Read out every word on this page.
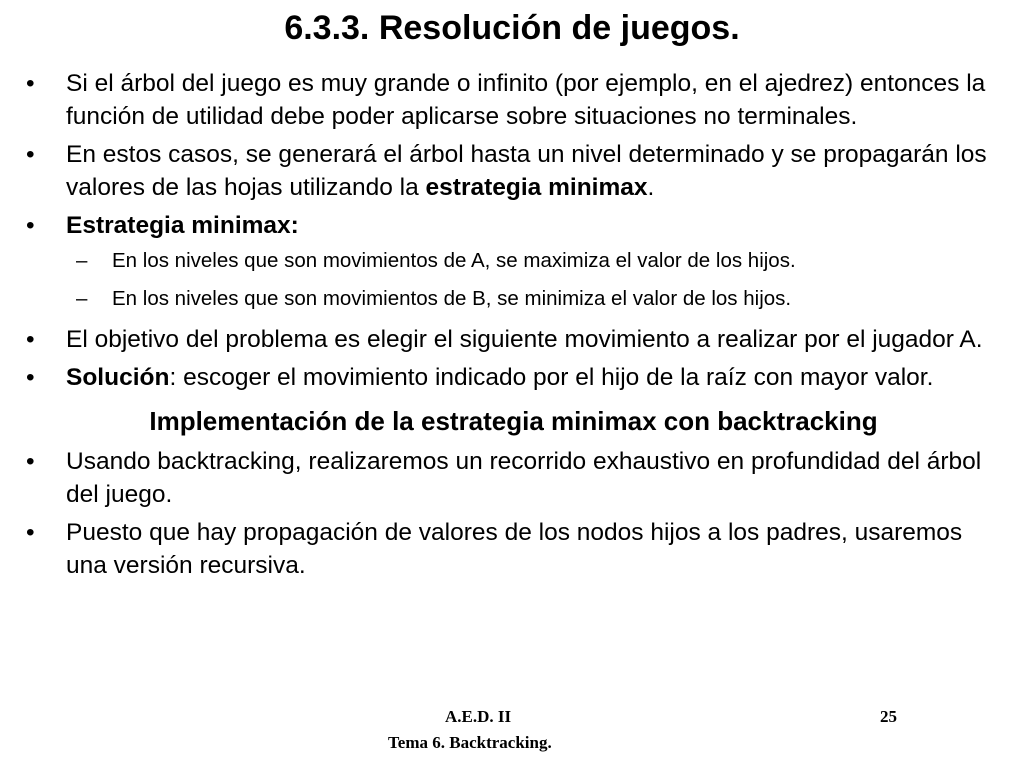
6.3.3. Resolución de juegos.
•	Si el árbol del juego es muy grande o infinito (por ejemplo, en el ajedrez) entonces la función de utilidad debe poder aplicarse sobre situaciones no terminales.
•	En estos casos, se generará el árbol hasta un nivel determinado y se propagarán los valores de las hojas utilizando la estrategia minimax.
•	Estrategia minimax:
– En los niveles que son movimientos de A, se maximiza el valor de los hijos.
– En los niveles que son movimientos de B, se minimiza el valor de los hijos.
•	El objetivo del problema es elegir el siguiente movimiento a realizar por el jugador A.
•	Solución: escoger el movimiento indicado por el hijo de la raíz con mayor valor.
Implementación de la estrategia minimax con backtracking
•	Usando backtracking, realizaremos un recorrido exhaustivo en profundidad del árbol del juego.
•	Puesto que hay propagación de valores de los nodos hijos a los padres, usaremos una versión recursiva.
A.E.D. II	25
Tema 6. Backtracking.
